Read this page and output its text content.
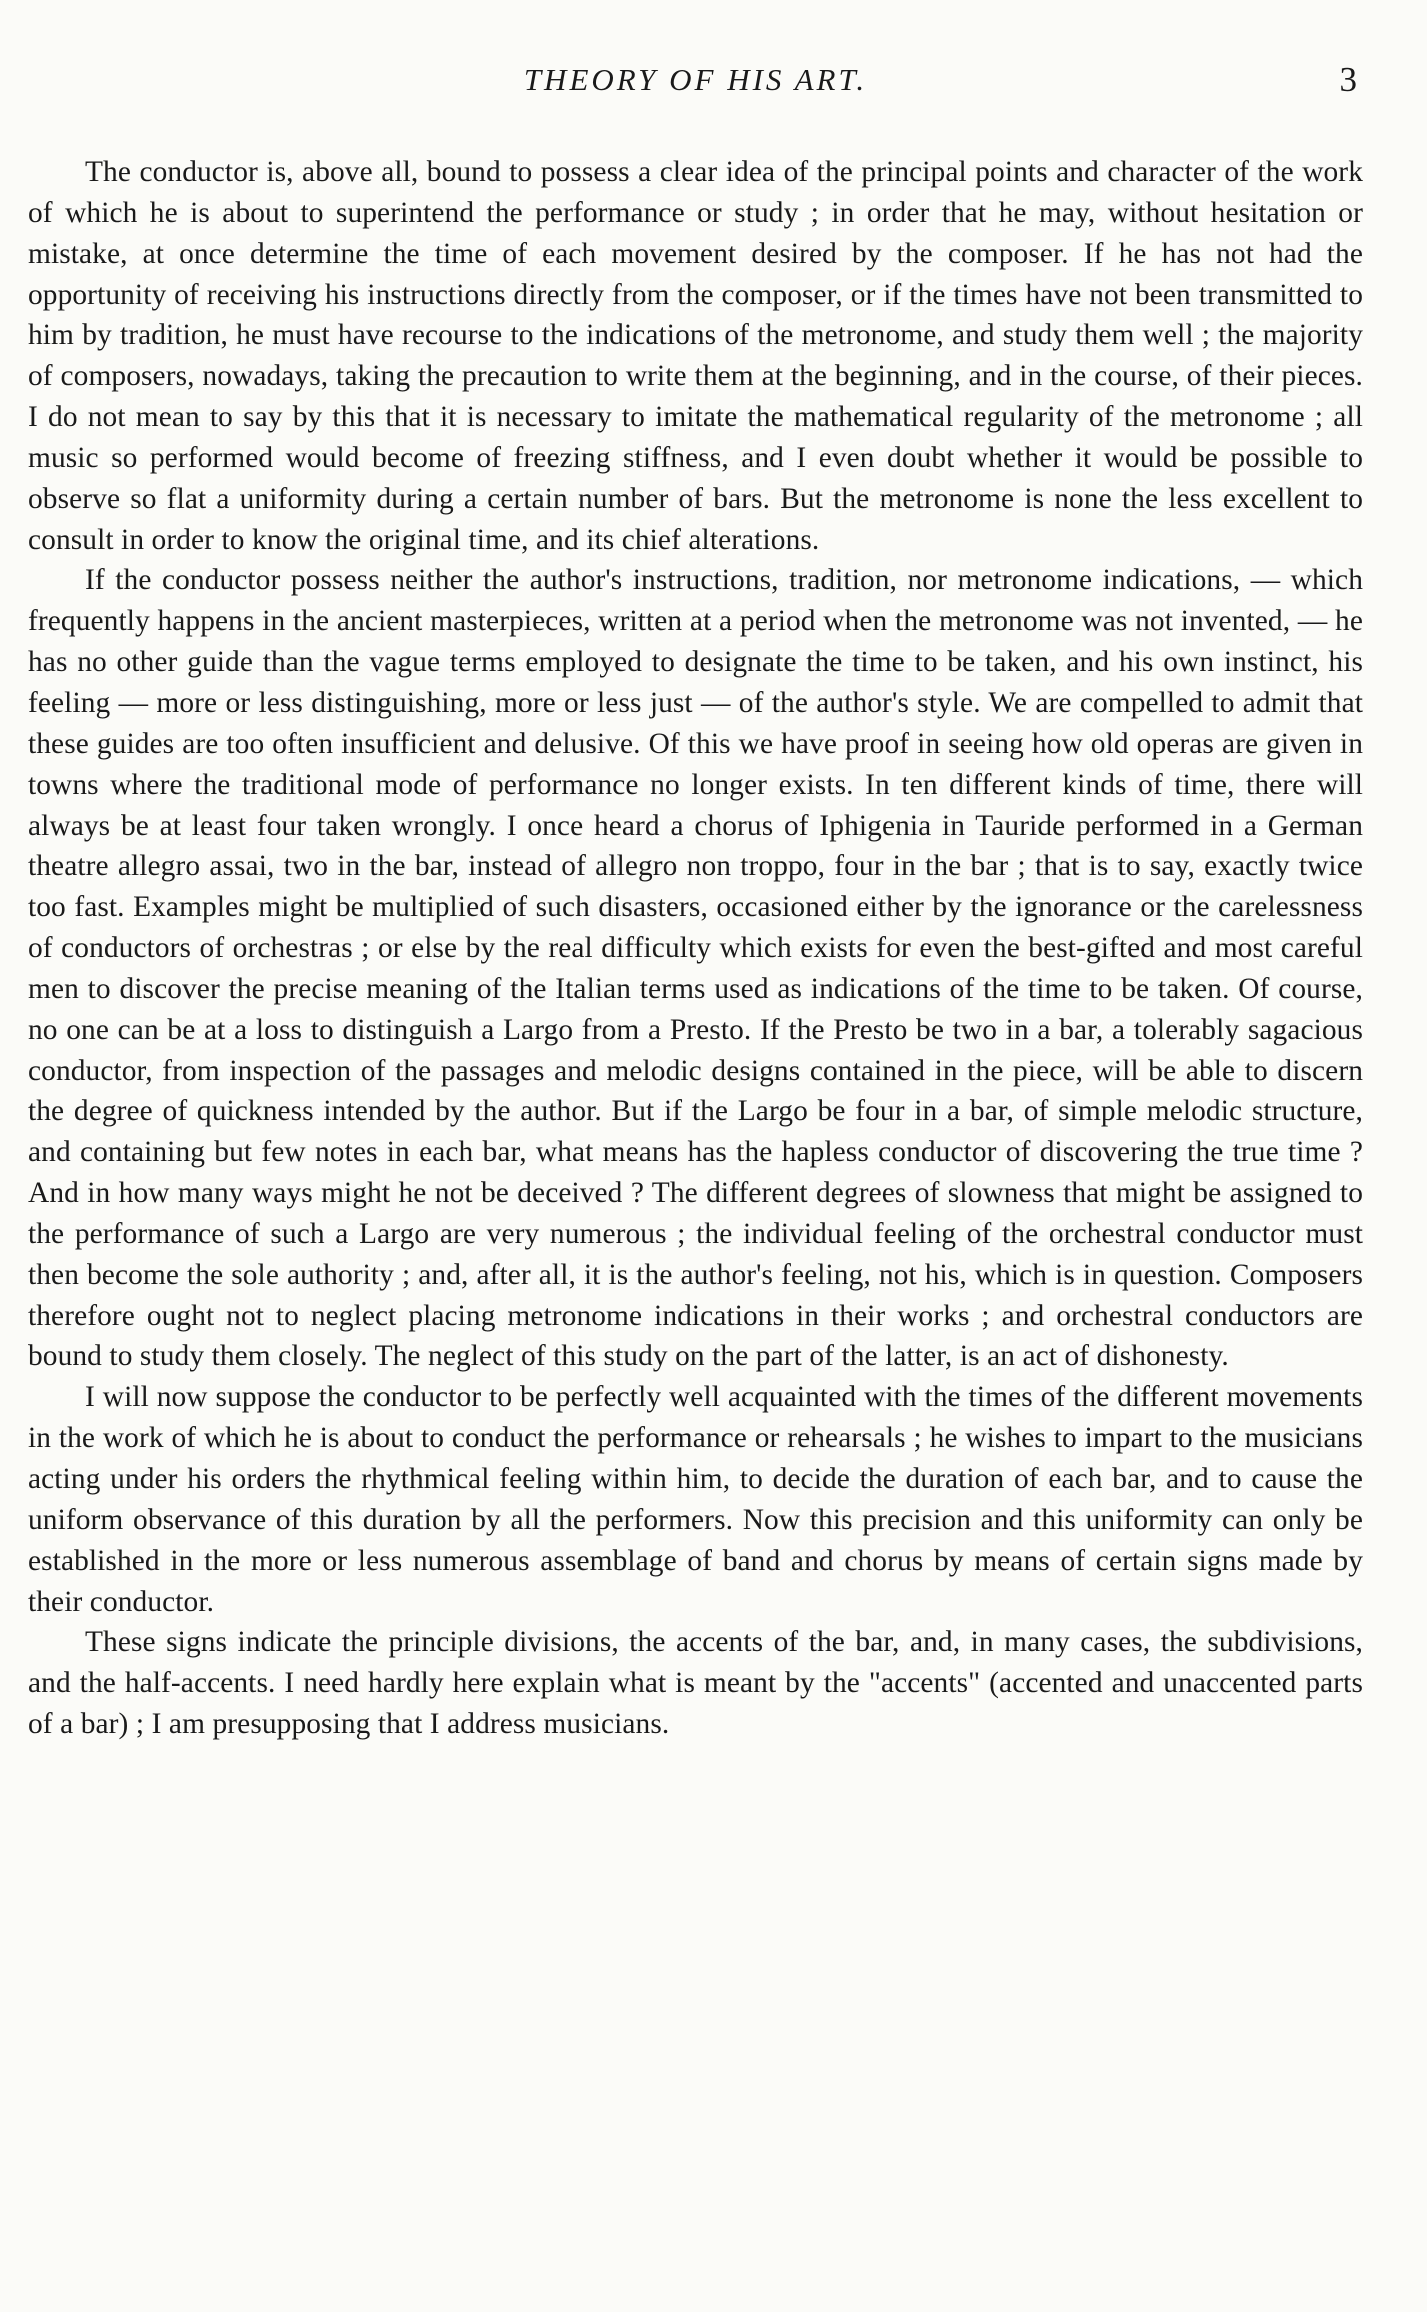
THEORY OF HIS ART.	3

The conductor is, above all, bound to possess a clear idea of the principal points and character of the work of which he is about to superintend the performance or study ; in order that he may, without hesitation or mistake, at once determine the time of each movement desired by the composer. If he has not had the opportunity of receiving his instructions directly from the composer, or if the times have not been transmitted to him by tradition, he must have recourse to the indications of the metronome, and study them well ; the majority of composers, nowadays, taking the precaution to write them at the beginning, and in the course, of their pieces. I do not mean to say by this that it is necessary to imitate the mathematical regularity of the metronome ; all music so performed would become of freezing stiffness, and I even doubt whether it would be possible to observe so flat a uniformity during a certain number of bars. But the metronome is none the less excellent to consult in order to know the original time, and its chief alterations.

If the conductor possess neither the author's instructions, tradition, nor metronome indications, — which frequently happens in the ancient masterpieces, written at a period when the metronome was not invented, — he has no other guide than the vague terms employed to designate the time to be taken, and his own instinct, his feeling — more or less distinguishing, more or less just — of the author's style. We are compelled to admit that these guides are too often insufficient and delusive. Of this we have proof in seeing how old operas are given in towns where the traditional mode of performance no longer exists. In ten different kinds of time, there will always be at least four taken wrongly. I once heard a chorus of Iphigenia in Tauride performed in a German theatre allegro assai, two in the bar, instead of allegro non troppo, four in the bar ; that is to say, exactly twice too fast. Examples might be multiplied of such disasters, occasioned either by the ignorance or the carelessness of conductors of orchestras ; or else by the real difficulty which exists for even the best-gifted and most careful men to discover the precise meaning of the Italian terms used as indications of the time to be taken. Of course, no one can be at a loss to distinguish a Largo from a Presto. If the Presto be two in a bar, a tolerably sagacious conductor, from inspection of the passages and melodic designs contained in the piece, will be able to discern the degree of quickness intended by the author. But if the Largo be four in a bar, of simple melodic structure, and containing but few notes in each bar, what means has the hapless conductor of discovering the true time ? And in how many ways might he not be deceived ? The different degrees of slowness that might be assigned to the performance of such a Largo are very numerous ; the individual feeling of the orchestral conductor must then become the sole authority ; and, after all, it is the author's feeling, not his, which is in question. Composers therefore ought not to neglect placing metronome indications in their works ; and orchestral conductors are bound to study them closely. The neglect of this study on the part of the latter, is an act of dishonesty.

I will now suppose the conductor to be perfectly well acquainted with the times of the different movements in the work of which he is about to conduct the performance or rehearsals ; he wishes to impart to the musicians acting under his orders the rhythmical feeling within him, to decide the duration of each bar, and to cause the uniform observance of this duration by all the performers. Now this precision and this uniformity can only be established in the more or less numerous assemblage of band and chorus by means of certain signs made by their conductor.

These signs indicate the principle divisions, the accents of the bar, and, in many cases, the subdivisions, and the half-accents. I need hardly here explain what is meant by the "accents" (accented and unaccented parts of a bar) ; I am presupposing that I address musicians.
